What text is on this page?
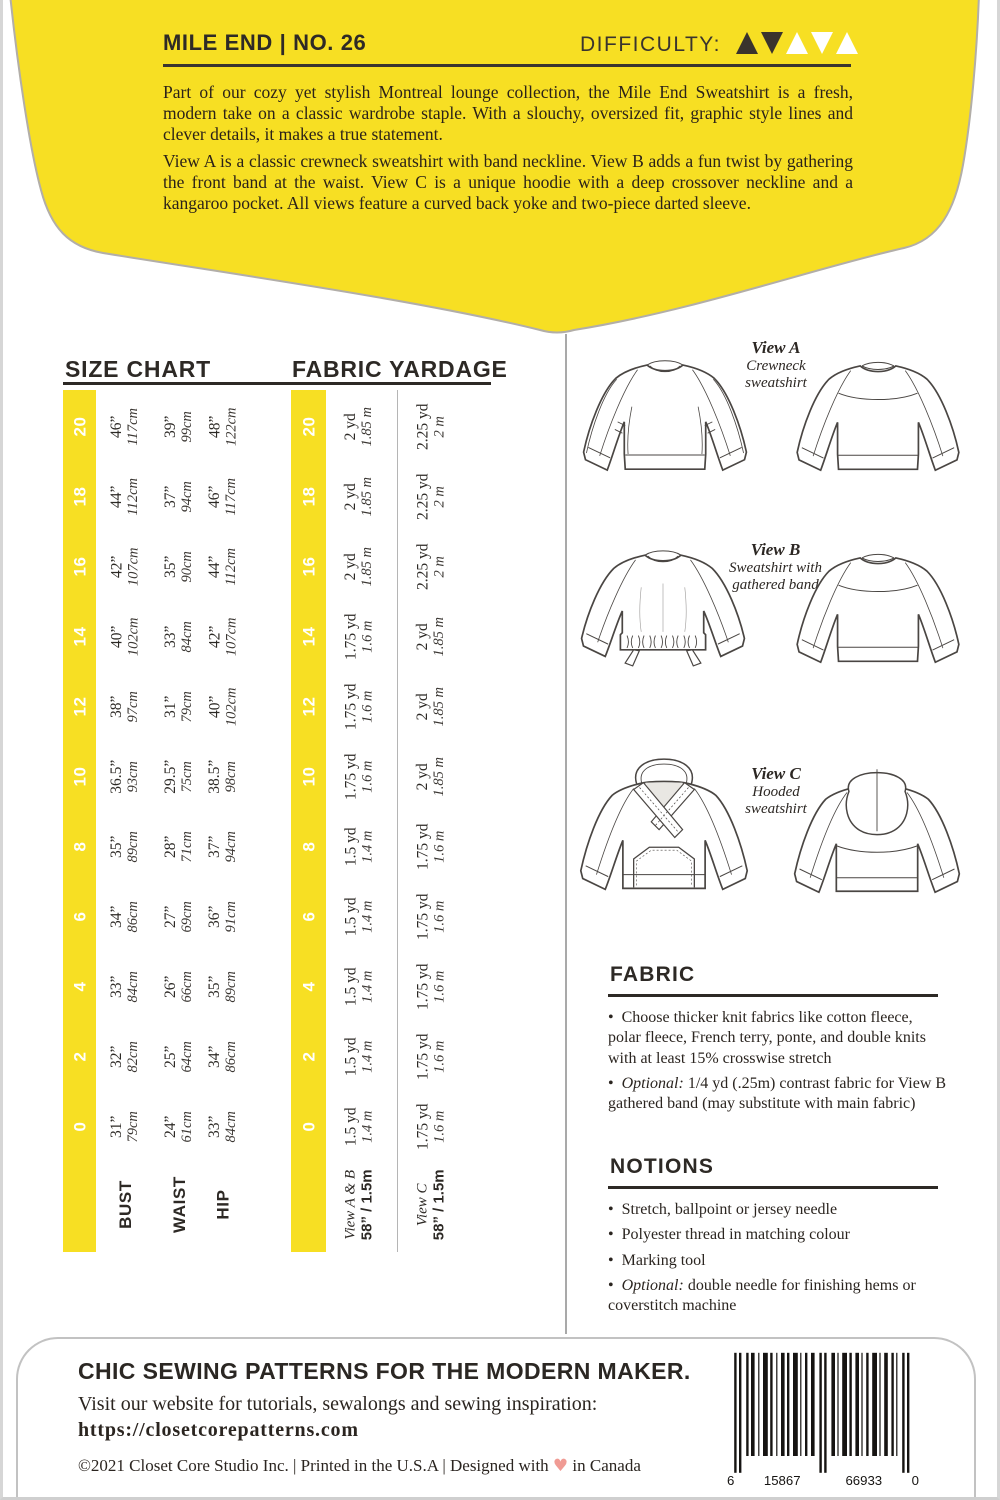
MILE END | NO. 26	DIFFICULTY:
Part of our cozy yet stylish Montreal lounge collection, the Mile End Sweatshirt is a fresh, modern take on a classic wardrobe staple. With a slouchy, oversized fit, graphic style lines and clever details, it makes a true statement.
View A is a classic crewneck sweatshirt with band neckline. View B adds a fun twist by gathering the front band at the waist. View C is a unique hoodie with a deep crossover neckline and a kangaroo pocket. All views feature a curved back yoke and two-piece darted sleeve.
SIZE CHART	FABRIC YARDAGE
20 46” 117cm 39” 99cm 48” 122cm	20 2 yd 1.85 m 2.25 yd 2 m
18 44” 112cm 37” 94cm 46” 117cm	18 2 yd 1.85 m 2.25 yd 2 m
16 42” 107cm 35” 90cm 44” 112cm	16 2 yd 1.85 m 2.25 yd 2 m
14 40” 102cm 33” 84cm 42” 107cm	14 1.75 yd 1.6 m 2 yd 1.85 m
12 38” 97cm 31” 79cm 40” 102cm	12 1.75 yd 1.6 m 2 yd 1.85 m
10 36.5” 93cm 29.5” 75cm 38.5” 98cm	10 1.75 yd 1.6 m 2 yd 1.85 m
8 35” 89cm 28” 71cm 37” 94cm	8 1.5 yd 1.4 m 1.75 yd 1.6 m
6 34” 86cm 27” 69cm 36” 91cm	6 1.5 yd 1.4 m 1.75 yd 1.6 m
4 33” 84cm 26” 66cm 35” 89cm	4 1.5 yd 1.4 m 1.75 yd 1.6 m
2 32” 82cm 25” 64cm 34” 86cm	2 1.5 yd 1.4 m 1.75 yd 1.6 m
0 31” 79cm 24” 61cm 33” 84cm	0 1.5 yd 1.4 m 1.75 yd 1.6 m
BUST WAIST HIP	View A & B 58” / 1.5m	View C 58” / 1.5m
View A
Crewneck
sweatshirt
View B
Sweatshirt with
gathered band
View C
Hooded
sweatshirt
FABRIC
• Choose thicker knit fabrics like cotton fleece, polar fleece, French terry, ponte, and double knits with at least 15% crosswise stretch
• Optional: 1/4 yd (.25m) contrast fabric for View B gathered band (may substitute with main fabric)
NOTIONS
• Stretch, ballpoint or jersey needle
• Polyester thread in matching colour
• Marking tool
• Optional: double needle for finishing hems or coverstitch machine
CHIC SEWING PATTERNS FOR THE MODERN MAKER.
Visit our website for tutorials, sewalongs and sewing inspiration:
https://closetcorepatterns.com
©2021 Closet Core Studio Inc. | Printed in the U.S.A | Designed with ♥ in Canada
6	15867	66933	0
